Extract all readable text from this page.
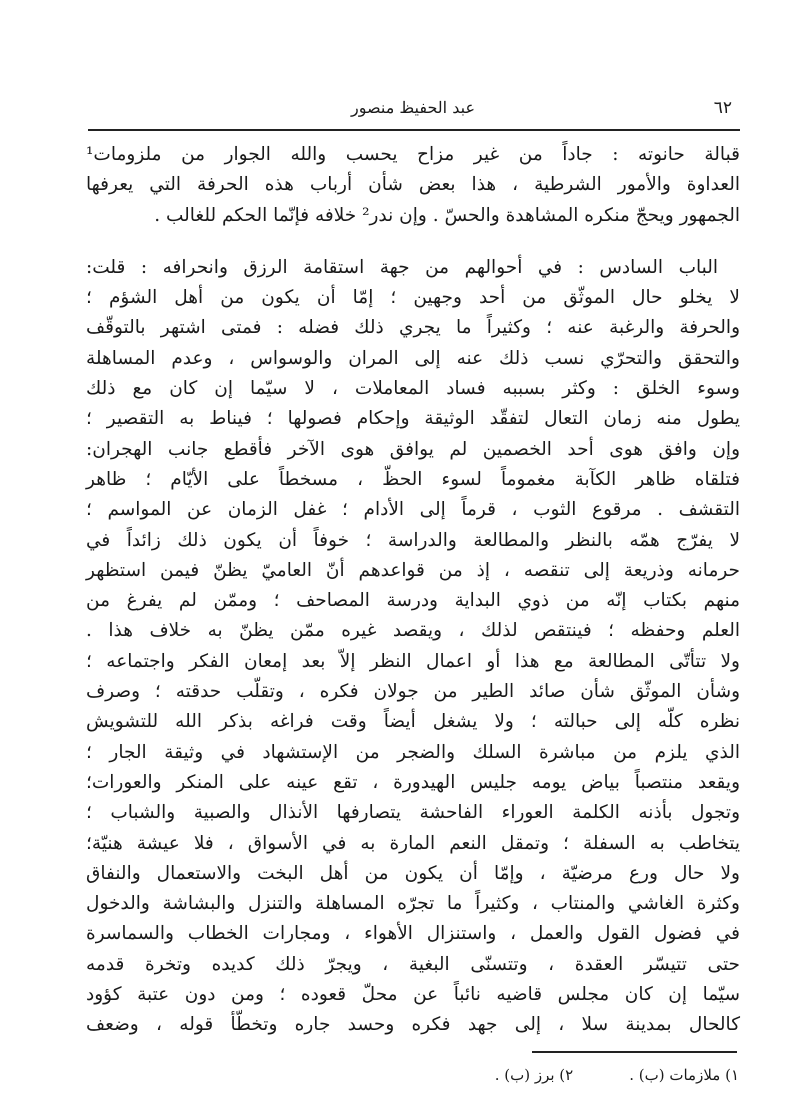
٦٢
عبد الحفيظ منصور
قبالة حانوته : جاداً من غير مزاح يحسب والله الجوار من ملزومات¹
العداوة والأمور الشرطية ، هذا بعض شأن أرباب هذه الحرفة التي يعرفها
الجمهور ويحجّ منكره المشاهدة والحسّ . وإن ندر² خلافه فإنّما الحكم للغالب .
الباب السادس : في أحوالهم من جهة استقامة الرزق وانحرافه : قلت:
لا يخلو حال الموثّق من أحد وجهين ؛ إمّا أن يكون من أهل الشؤم ؛
والحرفة والرغبة عنه ؛ وكثيراً ما يجري ذلك فضله : فمتى اشتهر بالتوقّف
والتحقق والتحرّي نسب ذلك عنه إلى المران والوسواس ، وعدم المساهلة
وسوء الخلق : وكثر بسببه فساد المعاملات ، لا سيّما إن كان مع ذلك
يطول منه زمان التعال لتفقّد الوثيقة وإحكام فصولها ؛ فيناط به التقصير ؛
وإن وافق هوى أحد الخصمين لم يوافق هوى الآخر فأقطع جانب الهجران:
فتلقاه ظاهر الكآبة مغموماً لسوء الحظّ ، مسخطاً على الأيّام ؛ ظاهر
التقشف . مرقوع الثوب ، قرماً إلى الأدام ؛ غفل الزمان عن المواسم ؛
لا يفرّج همّه بالنظر والمطالعة والدراسة ؛ خوفاً أن يكون ذلك زائداً في
حرمانه وذريعة إلى تنقصه ، إذ من قواعدهم أنّ العاميّ يظنّ فيمن استظهر
منهم بكتاب إنّه من ذوي البداية ودرسة المصاحف ؛ وممّن لم يفرغ من
العلم وحفظه ؛ فينتقص لذلك ، ويقصد غيره ممّن يظنّ به خلاف هذا .
ولا تتأتّى المطالعة مع هذا أو اعمال النظر إلاّ بعد إمعان الفكر واجتماعه ؛
وشأن الموثّق شأن صائد الطير من جولان فكره ، وتقلّب حدقته ؛ وصرف
نظره كلّه إلى حبالته ؛ ولا يشغل أيضاً وقت فراغه بذكر الله للتشويش
الذي يلزم من مباشرة السلك والضجر من الإستشهاد في وثيقة الجار ؛
ويقعد منتصباً بياض يومه جليس الهيدورة ، تقع عينه على المنكر والعورات؛
وتجول بأذنه الكلمة العوراء الفاحشة يتصارفها الأنذال والصبية والشباب ؛
يتخاطب به السفلة ؛ وتمقل النعم المارة به في الأسواق ، فلا عيشة هنيّة؛
ولا حال ورع مرضيّة ، وإمّا أن يكون من أهل البخت والاستعمال والنفاق
وكثرة الغاشي والمنتاب ، وكثيراً ما تجرّه المساهلة والتنزل والبشاشة والدخول
في فضول القول والعمل ، واستنزال الأهواء ، ومجارات الخطاب والسماسرة
حتى تتيسّر العقدة ، وتتسنّى البغية ، ويجرّ ذلك كديده وتخرة قدمه
سيّما إن كان مجلس قاضيه نائباً عن محلّ قعوده ؛ ومن دون عتبة كؤود
كالحال بمدينة سلا ، إلى جهد فكره وحسد جاره وتخطّأ قوله ، وضعف
١) ملازمات (ب) .
٢) برز (ب) .
